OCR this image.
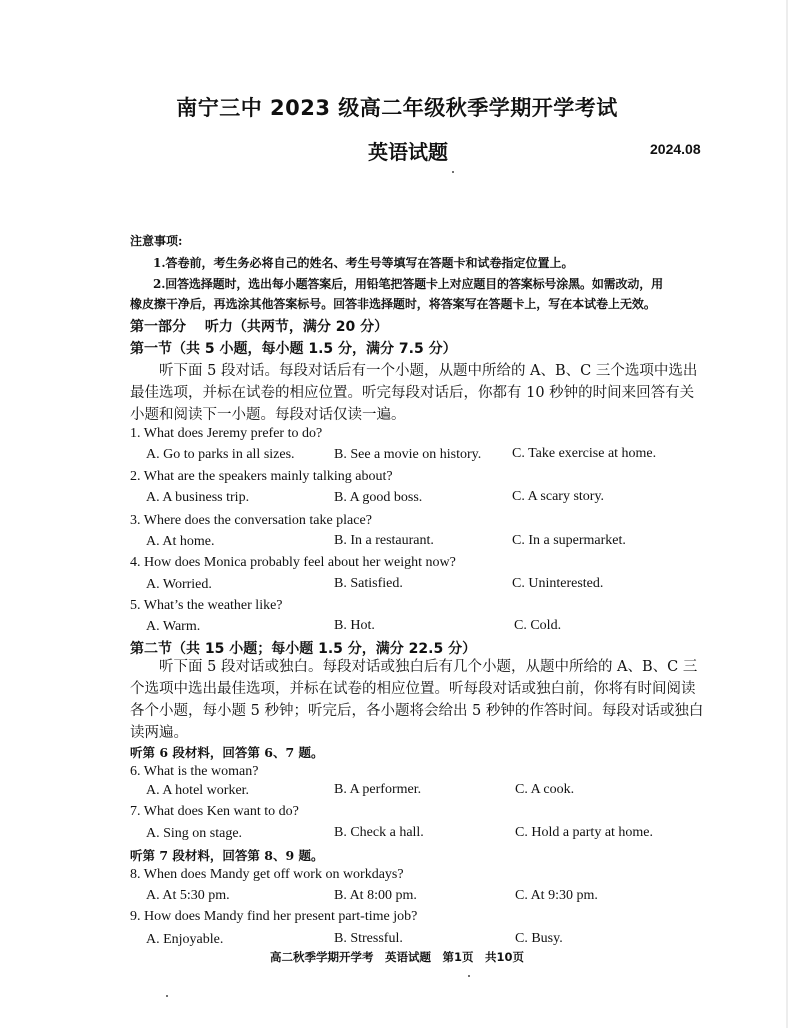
南宁三中 2023 级高二年级秋季学期开学考试
英语试题	2024.08
注意事项:
1.答卷前，考生务必将自己的姓名、考生号等填写在答题卡和试卷指定位置上。
2.回答选择题时，选出每小题答案后，用铅笔把答题卡上对应题目的答案标号涂黑。如需改动，用
橡皮擦干净后，再选涂其他答案标号。回答非选择题时，将答案写在答题卡上，写在本试卷上无效。
第一部分　 听力（共两节，满分 20 分）
第一节（共 5 小题，每小题 1.5 分，满分 7.5 分）
　　听下面 5 段对话。每段对话后有一个小题，从题中所给的 A、B、C 三个选项中选出
最佳选项，并标在试卷的相应位置。听完每段对话后，你都有 10 秒钟的时间来回答有关
小题和阅读下一小题。每段对话仅读一遍。
1. What does Jeremy prefer to do?
A. Go to parks in all sizes.	B. See a movie on history. C. Take exercise at home.
2. What are the speakers mainly talking about?
A. A business trip.	B. A good boss.	C. A scary story.
3. Where does the conversation take place?
A. At home.	B. In a restaurant.	C. In a supermarket.
4. How does Monica probably feel about her weight now?
A. Worried.	B. Satisfied.	C. Uninterested.
5. What’s the weather like?
A. Warm.	B. Hot.	C. Cold.
第二节（共 15 小题；每小题 1.5 分，满分 22.5 分）
　　听下面 5 段对话或独白。每段对话或独白后有几个小题，从题中所给的 A、B、C 三
个选项中选出最佳选项，并标在试卷的相应位置。听每段对话或独白前，你将有时间阅读
各个小题，每小题 5 秒钟；听完后，各小题将会给出 5 秒钟的作答时间。每段对话或独白
读两遍。
听第 6 段材料，回答第 6、7 题。
6. What is the woman?
A. A hotel worker.	B. A performer.	C. A cook.
7. What does Ken want to do?
A. Sing on stage.	B. Check a hall.	C. Hold a party at home.
听第 7 段材料，回答第 8、9 题。
8. When does Mandy get off work on workdays?
A. At 5:30 pm.	B. At 8:00 pm.	C. At 9:30 pm.
9. How does Mandy find her present part-time job?
A. Enjoyable.	B. Stressful.	C. Busy.
高二秋季学期开学考　英语试题　第1页　共10页
